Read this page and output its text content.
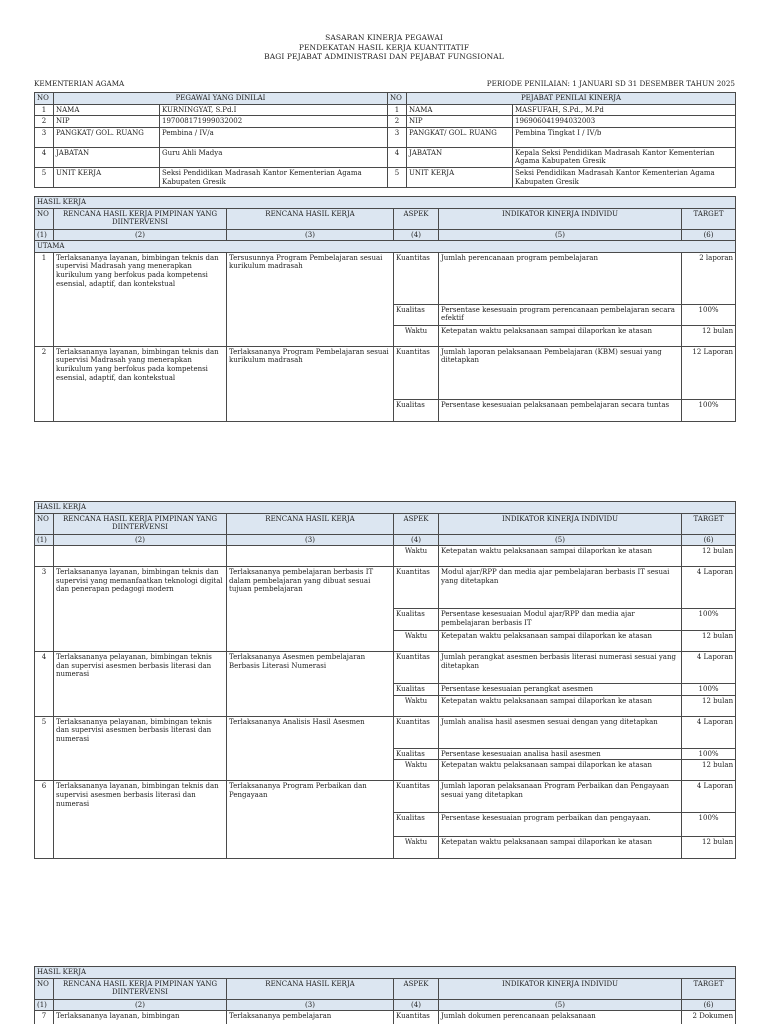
SASARAN KINERJA PEGAWAI
PENDEKATAN HASIL KERJA KUANTITATIF
BAGI PEJABAT ADMINISTRASI DAN PEJABAT FUNGSIONAL
KEMENTERIAN AGAMA	PERIODE PENILAIAN: 1 JANUARI SD 31 DESEMBER TAHUN 2025
NO	PEGAWAI YANG DINILAI		NO	PEJABAT PENILAI KINERJA	
1	NAMA	KURNINGYAT, S.Pd.I	1	NAMA	MASFUFAH, S.Pd., M.Pd
2	NIP	197008171999032002	2	NIP	196906041994032003
3	PANGKAT/ GOL. RUANG	Pembina / IV/a	3	PANGKAT/ GOL. RUANG	Pembina Tingkat I / IV/b
4	JABATAN	Guru Ahli Madya	4	JABATAN	Kepala Seksi Pendidikan Madrasah Kantor Kementerian Agama Kabupaten Gresik
5	UNIT KERJA	Seksi Pendidikan Madrasah Kantor Kementerian Agama Kabupaten Gresik	5	UNIT KERJA	Seksi Pendidikan Madrasah Kantor Kementerian Agama Kabupaten Gresik
HASIL KERJA					
NO	RENCANA HASIL KERJA PIMPINAN YANG DIINTERVENSI	RENCANA HASIL KERJA	ASPEK	INDIKATOR KINERJA INDIVIDU	TARGET
(1)	(2)	(3)	(4)	(5)	(6)
UTAMA					
1	Terlaksananya layanan, bimbingan teknis dan supervisi Madrasah yang menerapkan kurikulum yang berfokus pada kompetensi esensial, adaptif, dan kontekstual	Tersusunnya Program Pembelajaran sesuai kurikulum madrasah	Kuantitas	Jumlah perencanaan program pembelajaran	2 laporan
			Kualitas	Persentase kesesuain program perencanaan pembelajaran secara efektif	100%
			Waktu	Ketepatan waktu pelaksanaan sampai dilaporkan ke atasan	12 bulan
2	Terlaksananya layanan, bimbingan teknis dan supervisi Madrasah yang menerapkan kurikulum yang berfokus pada kompetensi esensial, adaptif, dan kontekstual	Terlaksananya Program Pembelajaran sesuai kurikulum madrasah	Kuantitas	Jumlah laporan pelaksanaan Pembelajaran (KBM) sesuai yang ditetapkan	12 Laporan
			Kualitas	Persentase kesesuaian pelaksanaan pembelajaran secara tuntas	100%
HASIL KERJA					
NO	RENCANA HASIL KERJA PIMPINAN YANG DIINTERVENSI	RENCANA HASIL KERJA	ASPEK	INDIKATOR KINERJA INDIVIDU	TARGET
(1)	(2)	(3)	(4)	(5)	(6)
			Waktu	Ketepatan waktu pelaksanaan sampai dilaporkan ke atasan	12 bulan
3	Terlaksananya layanan, bimbingan teknis dan supervisi yang memanfaatkan teknologi digital dan penerapan pedagogi modern	Terlaksananya pembelajaran berbasis IT dalam pembelajaran yang dibuat sesuai tujuan pembelajaran	Kuantitas	Modul ajar/RPP dan media ajar pembelajaran berbasis IT sesuai yang ditetapkan	4 Laporan
			Kualitas	Persentase kesesuaian Modul ajar/RPP dan media ajar pembelajaran berbasis IT	100%
			Waktu	Ketepatan waktu pelaksanaan sampai dilaporkan ke atasan	12 bulan
4	Terlaksananya pelayanan, bimbingan teknis dan supervisi asesmen berbasis literasi dan numerasi	Terlaksananya Asesmen pembelajaran Berbasis Literasi Numerasi	Kuantitas	Jumlah perangkat asesmen berbasis literasi numerasi sesuai yang ditetapkan	4 Laporan
			Kualitas	Persentase kesesuaian perangkat asesmen	100%
			Waktu	Ketepatan waktu pelaksanaan sampai dilaporkan ke atasan	12 bulan
5	Terlaksananya pelayanan, bimbingan teknis dan supervisi asesmen berbasis literasi dan numerasi	Terlaksananya Analisis Hasil Asesmen	Kuantitas	Jumlah analisa hasil asesmen sesuai dengan yang ditetapkan	4 Laporan
			Kualitas	Persentase kesesuaian analisa hasil asesmen	100%
			Waktu	Ketepatan waktu pelaksanaan sampai dilaporkan ke atasan	12 bulan
6	Terlaksananya layanan, bimbingan teknis dan supervisi asesmen berbasis literasi dan numerasi	Terlaksananya Program Perbaikan dan Pengayaan	Kuantitas	Jumlah laporan pelaksanaan Program Perbaikan dan Pengayaan sesuai yang ditetapkan	4 Laporan
			Kualitas	Persentase kesesuaian program perbaikan dan pengayaan.	100%
			Waktu	Ketepatan waktu pelaksanaan sampai dilaporkan ke atasan	12 bulan
HASIL KERJA					
NO	RENCANA HASIL KERJA PIMPINAN YANG DIINTERVENSI	RENCANA HASIL KERJA	ASPEK	INDIKATOR KINERJA INDIVIDU	TARGET
(1)	(2)	(3)	(4)	(5)	(6)
7	Terlaksananya layanan, bimbingan	Terlaksananya pembelajaran	Kuantitas	Jumlah dokumen perencanaan pelaksanaan	2 Dokumen
